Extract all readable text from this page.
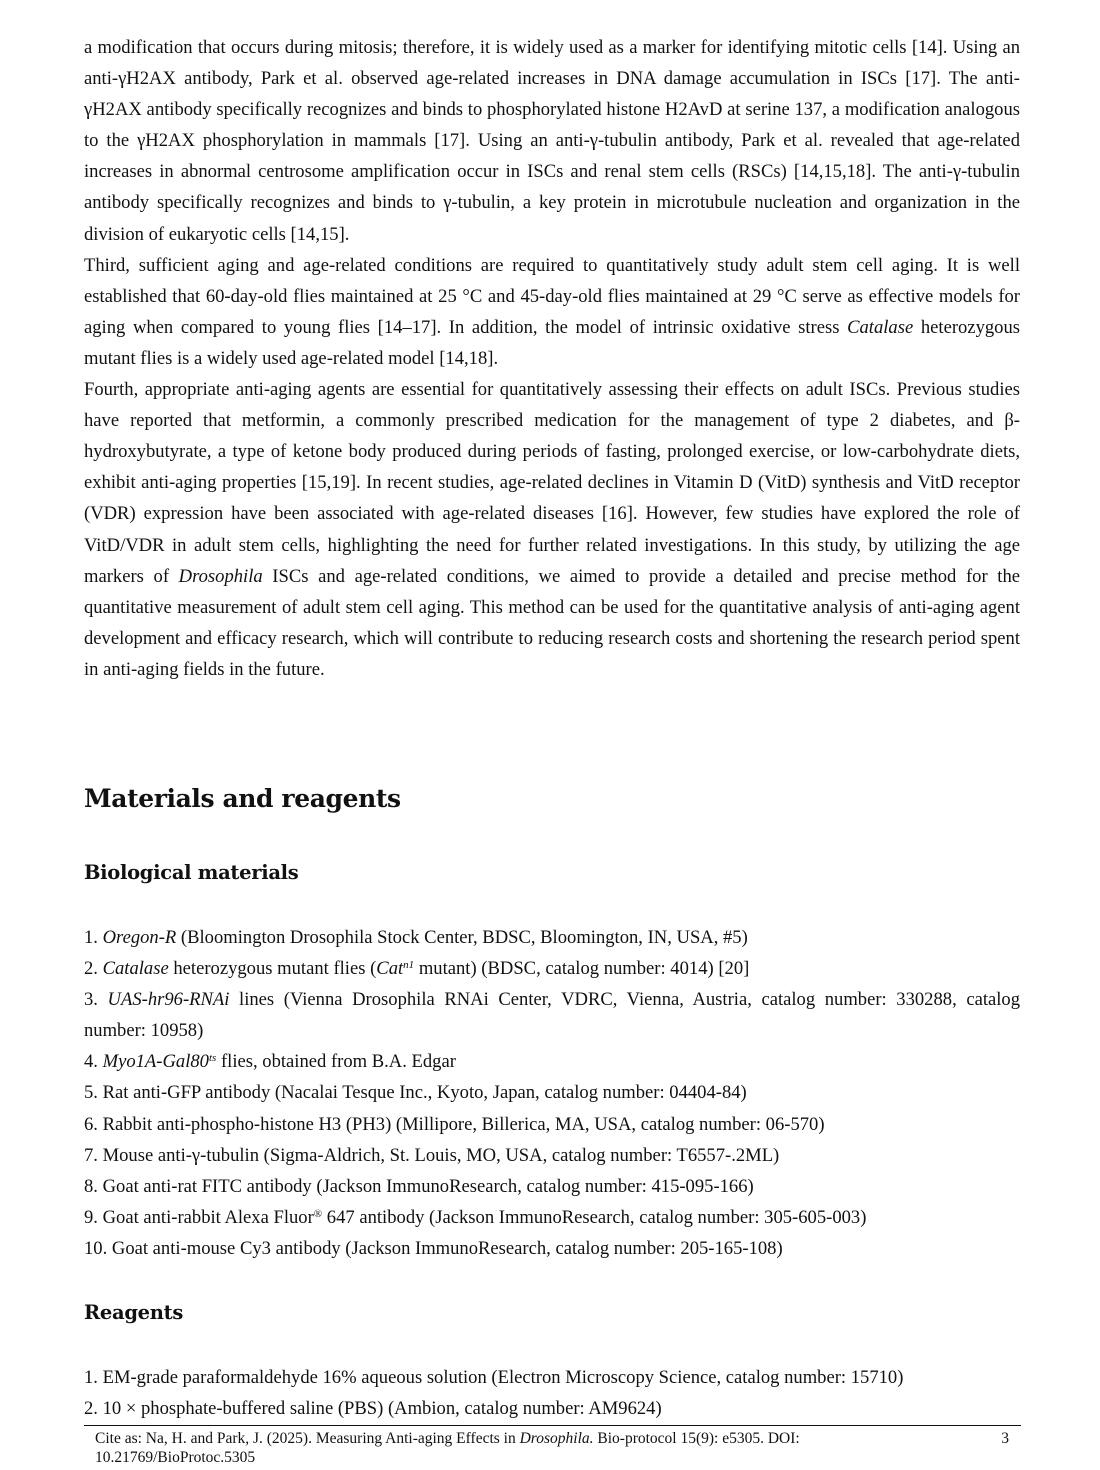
a modification that occurs during mitosis; therefore, it is widely used as a marker for identifying mitotic cells [14]. Using an anti-γH2AX antibody, Park et al. observed age-related increases in DNA damage accumulation in ISCs [17]. The anti-γH2AX antibody specifically recognizes and binds to phosphorylated histone H2AvD at serine 137, a modification analogous to the γH2AX phosphorylation in mammals [17]. Using an anti-γ-tubulin antibody, Park et al. revealed that age-related increases in abnormal centrosome amplification occur in ISCs and renal stem cells (RSCs) [14,15,18]. The anti-γ-tubulin antibody specifically recognizes and binds to γ-tubulin, a key protein in microtubule nucleation and organization in the division of eukaryotic cells [14,15].
Third, sufficient aging and age-related conditions are required to quantitatively study adult stem cell aging. It is well established that 60-day-old flies maintained at 25 °C and 45-day-old flies maintained at 29 °C serve as effective models for aging when compared to young flies [14–17]. In addition, the model of intrinsic oxidative stress Catalase heterozygous mutant flies is a widely used age-related model [14,18].
Fourth, appropriate anti-aging agents are essential for quantitatively assessing their effects on adult ISCs. Previous studies have reported that metformin, a commonly prescribed medication for the management of type 2 diabetes, and β-hydroxybutyrate, a type of ketone body produced during periods of fasting, prolonged exercise, or low-carbohydrate diets, exhibit anti-aging properties [15,19]. In recent studies, age-related declines in Vitamin D (VitD) synthesis and VitD receptor (VDR) expression have been associated with age-related diseases [16]. However, few studies have explored the role of VitD/VDR in adult stem cells, highlighting the need for further related investigations. In this study, by utilizing the age markers of Drosophila ISCs and age-related conditions, we aimed to provide a detailed and precise method for the quantitative measurement of adult stem cell aging. This method can be used for the quantitative analysis of anti-aging agent development and efficacy research, which will contribute to reducing research costs and shortening the research period spent in anti-aging fields in the future.
Materials and reagents
Biological materials
1. Oregon-R (Bloomington Drosophila Stock Center, BDSC, Bloomington, IN, USA, #5)
2. Catalase heterozygous mutant flies (Cat$^{n1}$ mutant) (BDSC, catalog number: 4014) [20]
3. UAS-hr96-RNAi lines (Vienna Drosophila RNAi Center, VDRC, Vienna, Austria, catalog number: 330288, catalog number: 10958)
4. $Myo1A-Gal80^{ts}$ flies, obtained from B.A. Edgar
5. Rat anti-GFP antibody (Nacalai Tesque Inc., Kyoto, Japan, catalog number: 04404-84)
6. Rabbit anti-phospho-histone H3 (PH3) (Millipore, Billerica, MA, USA, catalog number: 06-570)
7. Mouse anti-γ-tubulin (Sigma-Aldrich, St. Louis, MO, USA, catalog number: T6557-.2ML)
8. Goat anti-rat FITC antibody (Jackson ImmunoResearch, catalog number: 415-095-166)
9. Goat anti-rabbit Alexa Fluor® 647 antibody (Jackson ImmunoResearch, catalog number: 305-605-003)
10. Goat anti-mouse Cy3 antibody (Jackson ImmunoResearch, catalog number: 205-165-108)
Reagents
1. EM-grade paraformaldehyde 16% aqueous solution (Electron Microscopy Science, catalog number: 15710)
2. 10 × phosphate-buffered saline (PBS) (Ambion, catalog number: AM9624)
Cite as: Na, H. and Park, J. (2025). Measuring Anti-aging Effects in Drosophila. Bio-protocol 15(9): e5305. DOI: 10.21769/BioProtoc.5305
3
